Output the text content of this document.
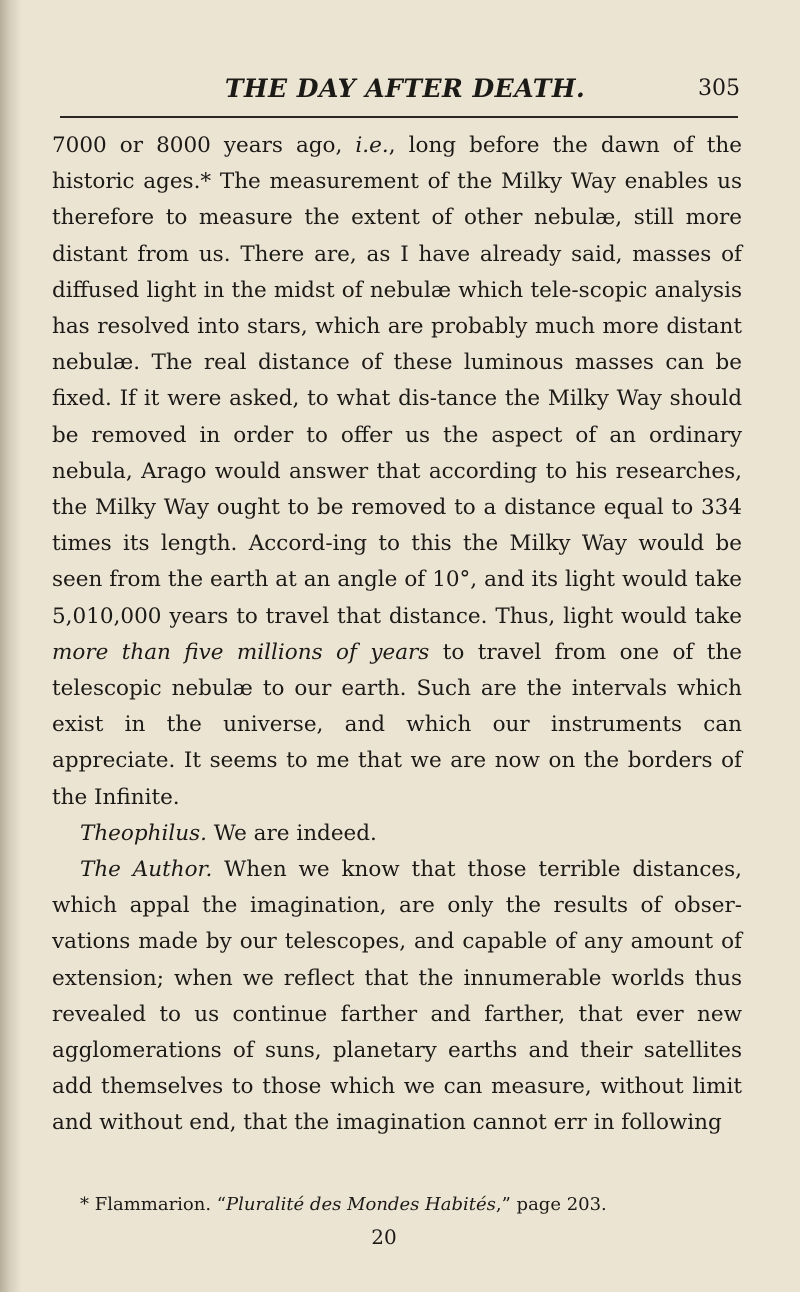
THE DAY AFTER DEATH.	305

7000 or 8000 years ago, i.e., long before the dawn of the historic ages.* The measurement of the Milky Way enables us therefore to measure the extent of other nebulæ, still more distant from us. There are, as I have already said, masses of diffused light in the midst of nebulæ which tele-scopic analysis has resolved into stars, which are probably much more distant nebulæ. The real distance of these luminous masses can be fixed. If it were asked, to what dis-tance the Milky Way should be removed in order to offer us the aspect of an ordinary nebula, Arago would answer that according to his researches, the Milky Way ought to be removed to a distance equal to 334 times its length. Accord-ing to this the Milky Way would be seen from the earth at an angle of 10°, and its light would take 5,010,000 years to travel that distance. Thus, light would take more than five millions of years to travel from one of the telescopic nebulæ to our earth. Such are the intervals which exist in the universe, and which our instruments can appreciate. It seems to me that we are now on the borders of the Infinite.

Theophilus. We are indeed.

The Author. When we know that those terrible distances, which appal the imagination, are only the results of obser-vations made by our telescopes, and capable of any amount of extension; when we reflect that the innumerable worlds thus revealed to us continue farther and farther, that ever new agglomerations of suns, planetary earths and their satellites add themselves to those which we can measure, without limit and without end, that the imagination cannot err in following

* Flammarion. “Pluralité des Mondes Habités,” page 203.
20
